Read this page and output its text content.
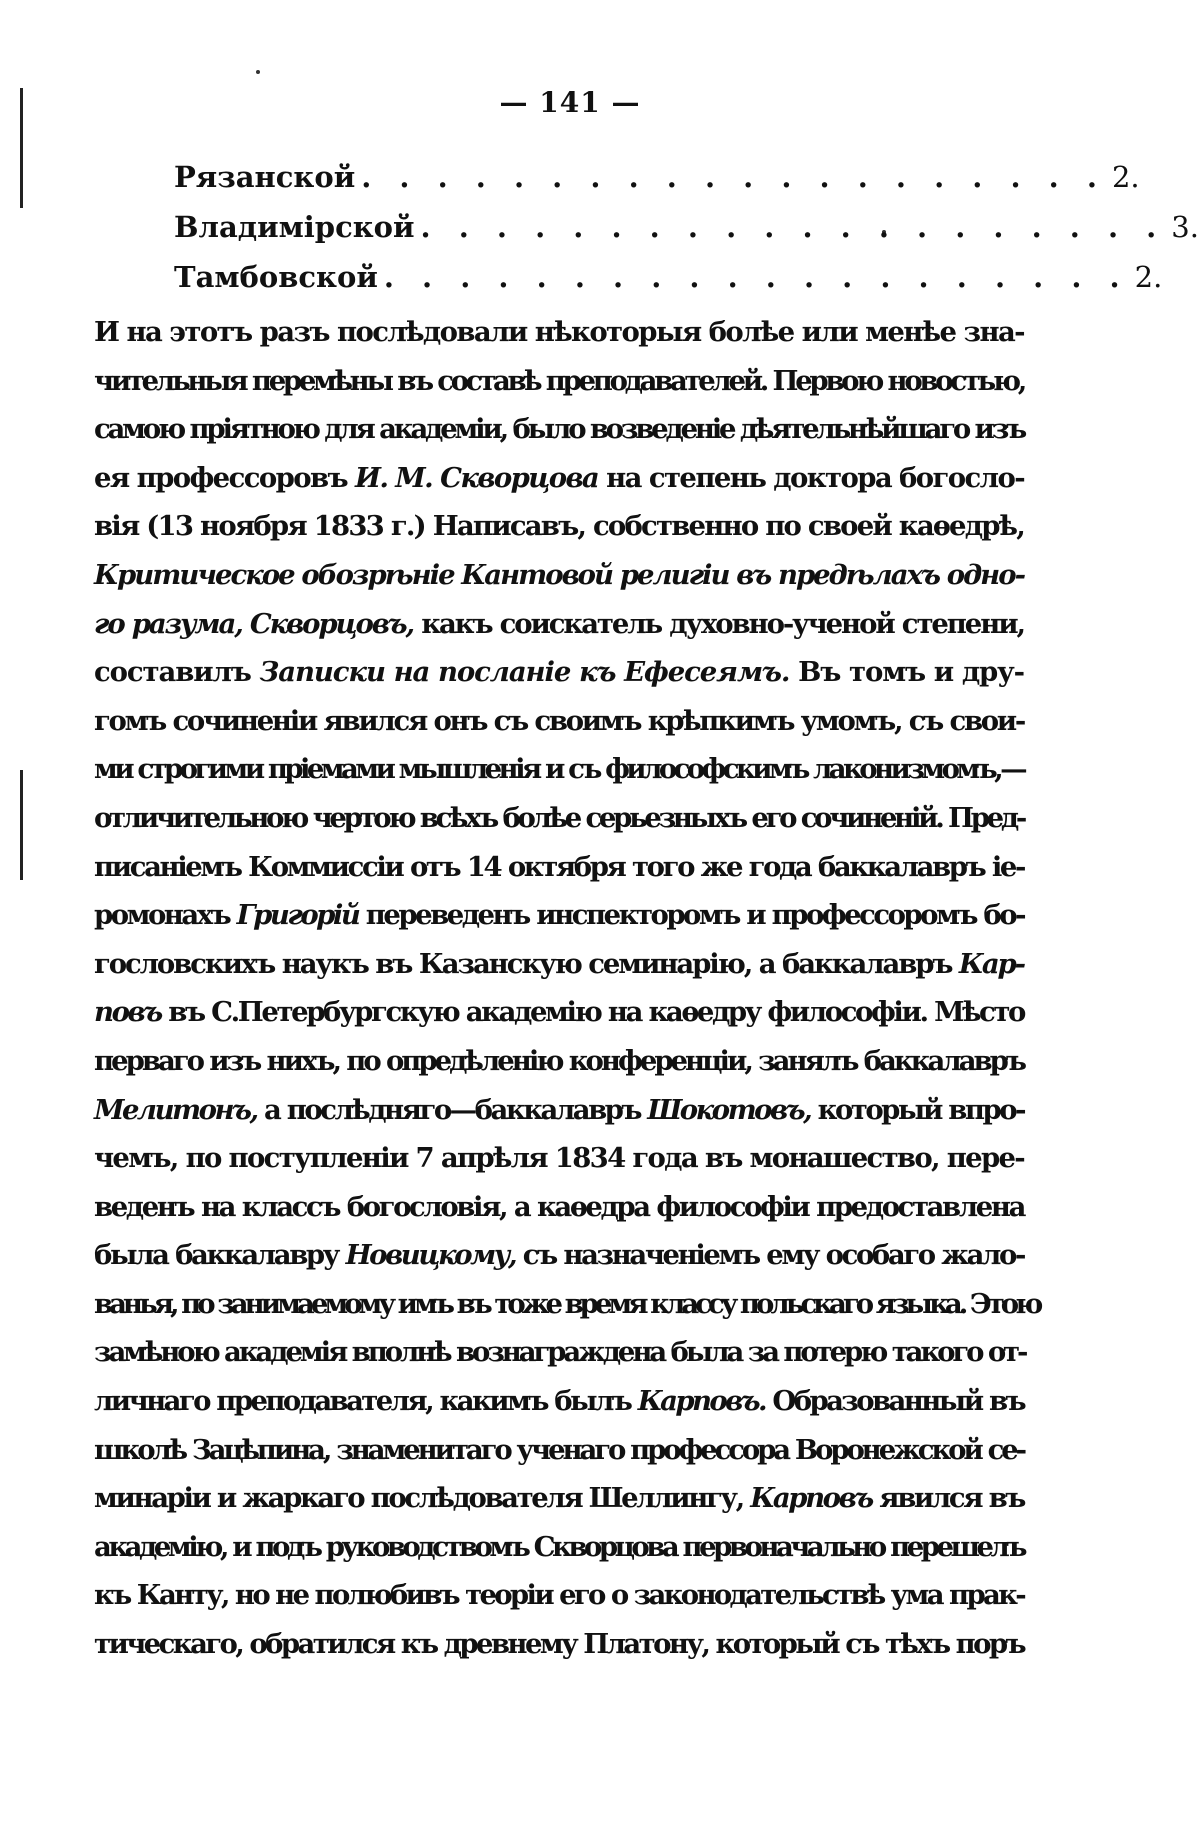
— 141 —
Рязанской . . . . . . . . . . . . . . . . . . . . 2.
Владимірской . . . . . . . . . . . . . . . . . . . . 3.
Тамбовской . . . . . . . . . . . . . . . . . . . . 2.
И на этотъ разъ послѣдовали нѣкоторыя болѣе или менѣе зна-
чительныя перемѣны въ составѣ преподавателей. Первою новостью,
самою пріятною для академіи, было возведеніе дѣятельнѣйшаго изъ
ея профессоровъ И. М. Скворцова на степень доктора богосло-
вія (13 ноября 1833 г.) Написавъ, собственно по своей каѳедрѣ,
Критическое обозрѣніе Кантовой религіи въ предѣлахъ одно-
го разума, Скворцовъ, какъ соискатель духовно-ученой степени,
составилъ Записки на посланіе къ Ефесеямъ. Въ томъ и дру-
гомъ сочиненіи явился онъ съ своимъ крѣпкимъ умомъ, съ свои-
ми строгими пріемами мышленія и съ философскимъ лаконизмомъ,—
отличительною чертою всѣхъ болѣе серьезныхъ его сочиненій. Пред-
писаніемъ Коммиссіи отъ 14 октября того же года баккалавръ іе-
ромонахъ Григорій переведенъ инспекторомъ и профессоромъ бо-
гословскихъ наукъ въ Казанскую семинарію, а баккалавръ Кар-
повъ въ С.Петербургскую академію на каѳедру философіи. Мѣсто
перваго изъ нихъ, по опредѣленію конференціи, занялъ баккалавръ
Мелитонъ, а послѣдняго—баккалавръ Шокотовъ, который впро-
чемъ, по поступленіи 7 апрѣля 1834 года въ монашество, пере-
веденъ на классъ богословія, а каѳедра философіи предоставлена
была баккалавру Новицкому, съ назначеніемъ ему особаго жало-
ванья, по занимаемому имъ въ тоже время классу польскаго языка. Этою
замѣною академія вполнѣ вознаграждена была за потерю такого от-
личнаго преподавателя, какимъ былъ Карповъ. Образованный въ
школѣ Зацѣпина, знаменитаго ученаго профессора Воронежской се-
минаріи и жаркаго послѣдователя Шеллингу, Карповъ явился въ
академію, и подъ руководствомъ Скворцова первоначально перешелъ
къ Канту, но не полюбивъ теоріи его о законодательствѣ ума прак-
тическаго, обратился къ древнему Платону, который съ тѣхъ поръ
